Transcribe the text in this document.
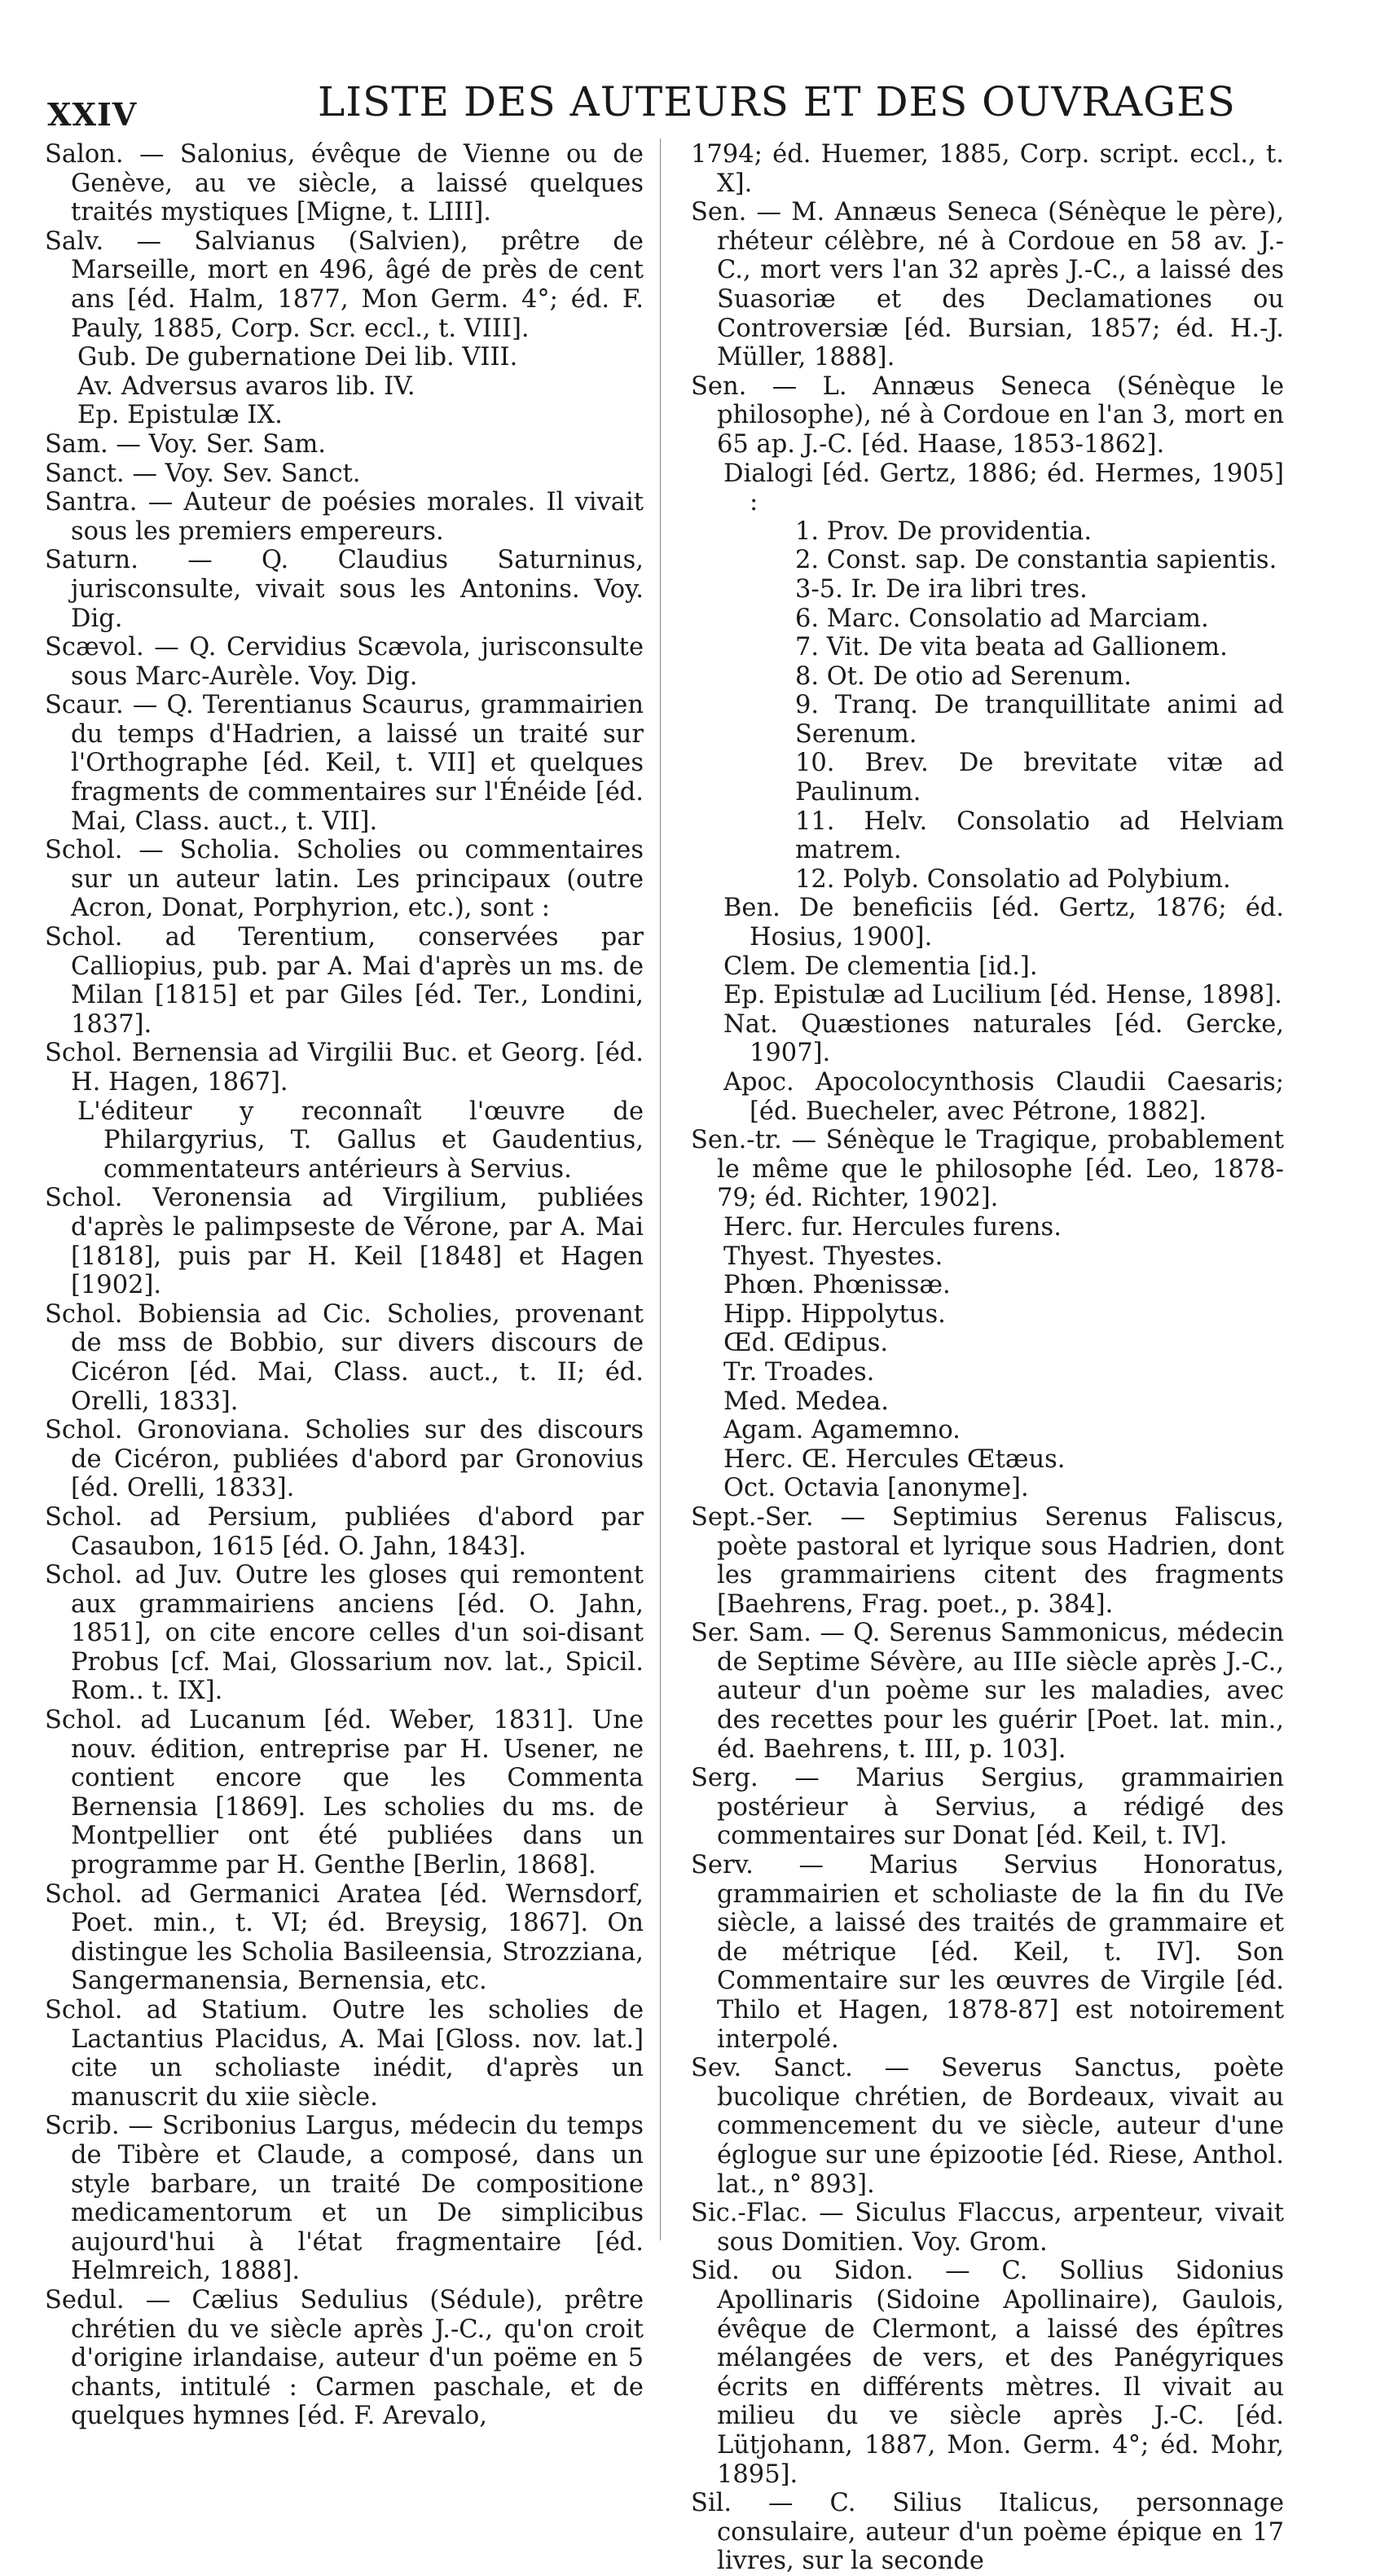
XXIV	LISTE DES AUTEURS ET DES OUVRAGES

Salon. — Salonius, évêque de Vienne ou de Genève, au ve siècle, a laissé quelques traités mystiques [Migne, t. LIII].

Salv. — Salvianus (Salvien), prêtre de Marseille, mort en 496, âgé de près de cent ans [éd. Halm, 1877, Mon Germ. 4°; éd. F. Pauly, 1885, Corp. Scr. eccl., t. VIII].

Gub. De gubernatione Dei lib. VIII.

Av. Adversus avaros lib. IV.

Ep. Epistulæ IX.

Sam. — Voy. Ser. Sam.

Sanct. — Voy. Sev. Sanct.

Santra. — Auteur de poésies morales. Il vivait sous les premiers empereurs.

Saturn. — Q. Claudius Saturninus, jurisconsulte, vivait sous les Antonins. Voy. Dig.

Scævol. — Q. Cervidius Scævola, jurisconsulte sous Marc-Aurèle. Voy. Dig.

Scaur. — Q. Terentianus Scaurus, grammairien du temps d'Hadrien, a laissé un traité sur l'Orthographe [éd. Keil, t. VII] et quelques fragments de commentaires sur l'Énéide [éd. Mai, Class. auct., t. VII].

Schol. — Scholia. Scholies ou commentaires sur un auteur latin. Les principaux (outre Acron, Donat, Porphyrion, etc.), sont :

Schol. ad Terentium, conservées par Calliopius, pub. par A. Mai d'après un ms. de Milan [1815] et par Giles [éd. Ter., Londini, 1837].

Schol. Bernensia ad Virgilii Buc. et Georg. [éd. H. Hagen, 1867].

L'éditeur y reconnaît l'œuvre de Philargyrius, T. Gallus et Gaudentius, commentateurs antérieurs à Servius.

Schol. Veronensia ad Virgilium, publiées d'après le palimpseste de Vérone, par A. Mai [1818], puis par H. Keil [1848] et Hagen [1902].

Schol. Bobiensia ad Cic. Scholies, provenant de mss de Bobbio, sur divers discours de Cicéron [éd. Mai, Class. auct., t. II; éd. Orelli, 1833].

Schol. Gronoviana. Scholies sur des discours de Cicéron, publiées d'abord par Gronovius [éd. Orelli, 1833].

Schol. ad Persium, publiées d'abord par Casaubon, 1615 [éd. O. Jahn, 1843].

Schol. ad Juv. Outre les gloses qui remontent aux grammairiens anciens [éd. O. Jahn, 1851], on cite encore celles d'un soi-disant Probus [cf. Mai, Glossarium nov. lat., Spicil. Rom.. t. IX].

Schol. ad Lucanum [éd. Weber, 1831]. Une nouv. édition, entreprise par H. Usener, ne contient encore que les Commenta Bernensia [1869]. Les scholies du ms. de Montpellier ont été publiées dans un programme par H. Genthe [Berlin, 1868].

Schol. ad Germanici Aratea [éd. Wernsdorf, Poet. min., t. VI; éd. Breysig, 1867]. On distingue les Scholia Basileensia, Strozziana, Sangermanensia, Bernensia, etc.

Schol. ad Statium. Outre les scholies de Lactantius Placidus, A. Mai [Gloss. nov. lat.] cite un scholiaste inédit, d'après un manuscrit du xiie siècle.

Scrib. — Scribonius Largus, médecin du temps de Tibère et Claude, a composé, dans un style barbare, un traité De compositione medicamentorum et un De simplicibus aujourd'hui à l'état fragmentaire [éd. Helmreich, 1888].

Sedul. — Cælius Sedulius (Sédule), prêtre chrétien du ve siècle après J.-C., qu'on croit d'origine irlandaise, auteur d'un poëme en 5 chants, intitulé : Carmen paschale, et de quelques hymnes [éd. F. Arevalo,

1794; éd. Huemer, 1885, Corp. script. eccl., t. X].

Sen. — M. Annæus Seneca (Sénèque le père), rhéteur célèbre, né à Cordoue en 58 av. J.-C., mort vers l'an 32 après J.-C., a laissé des Suasoriæ et des Declamationes ou Controversiæ [éd. Bursian, 1857; éd. H.-J. Müller, 1888].

Sen. — L. Annæus Seneca (Sénèque le philosophe), né à Cordoue en l'an 3, mort en 65 ap. J.-C. [éd. Haase, 1853-1862].

Dialogi [éd. Gertz, 1886; éd. Hermes, 1905] :

1. Prov. De providentia.

2. Const. sap. De constantia sapientis.

3-5. Ir. De ira libri tres.

6. Marc. Consolatio ad Marciam.

7. Vit. De vita beata ad Gallionem.

8. Ot. De otio ad Serenum.

9. Tranq. De tranquillitate animi ad Serenum.

10. Brev. De brevitate vitæ ad Paulinum.

11. Helv. Consolatio ad Helviam matrem.

12. Polyb. Consolatio ad Polybium.

Ben. De beneficiis [éd. Gertz, 1876; éd. Hosius, 1900].

Clem. De clementia [id.].

Ep. Epistulæ ad Lucilium [éd. Hense, 1898].

Nat. Quæstiones naturales [éd. Gercke, 1907].

Apoc. Apocolocynthosis Claudii Caesaris; [éd. Buecheler, avec Pétrone, 1882].

Sen.-tr. — Sénèque le Tragique, probablement le même que le philosophe [éd. Leo, 1878-79; éd. Richter, 1902].

Herc. fur. Hercules furens.

Thyest. Thyestes.

Phœn. Phœnissæ.

Hipp. Hippolytus.

Œd. Œdipus.

Tr. Troades.

Med. Medea.

Agam. Agamemno.

Herc. Œ. Hercules Œtæus.

Oct. Octavia [anonyme].

Sept.-Ser. — Septimius Serenus Faliscus, poète pastoral et lyrique sous Hadrien, dont les grammairiens citent des fragments [Baehrens, Frag. poet., p. 384].

Ser. Sam. — Q. Serenus Sammonicus, médecin de Septime Sévère, au IIIe siècle après J.-C., auteur d'un poème sur les maladies, avec des recettes pour les guérir [Poet. lat. min., éd. Baehrens, t. III, p. 103].

Serg. — Marius Sergius, grammairien postérieur à Servius, a rédigé des commentaires sur Donat [éd. Keil, t. IV].

Serv. — Marius Servius Honoratus, grammairien et scholiaste de la fin du IVe siècle, a laissé des traités de grammaire et de métrique [éd. Keil, t. IV]. Son Commentaire sur les œuvres de Virgile [éd. Thilo et Hagen, 1878-87] est notoirement interpolé.

Sev. Sanct. — Severus Sanctus, poète bucolique chrétien, de Bordeaux, vivait au commencement du ve siècle, auteur d'une églogue sur une épizootie [éd. Riese, Anthol. lat., n° 893].

Sic.-Flac. — Siculus Flaccus, arpenteur, vivait sous Domitien. Voy. Grom.

Sid. ou Sidon. — C. Sollius Sidonius Apollinaris (Sidoine Apollinaire), Gaulois, évêque de Clermont, a laissé des épîtres mélangées de vers, et des Panégyriques écrits en différents mètres. Il vivait au milieu du ve siècle après J.-C. [éd. Lütjohann, 1887, Mon. Germ. 4°; éd. Mohr, 1895].

Sil. — C. Silius Italicus, personnage consulaire, auteur d'un poème épique en 17 livres, sur la seconde
